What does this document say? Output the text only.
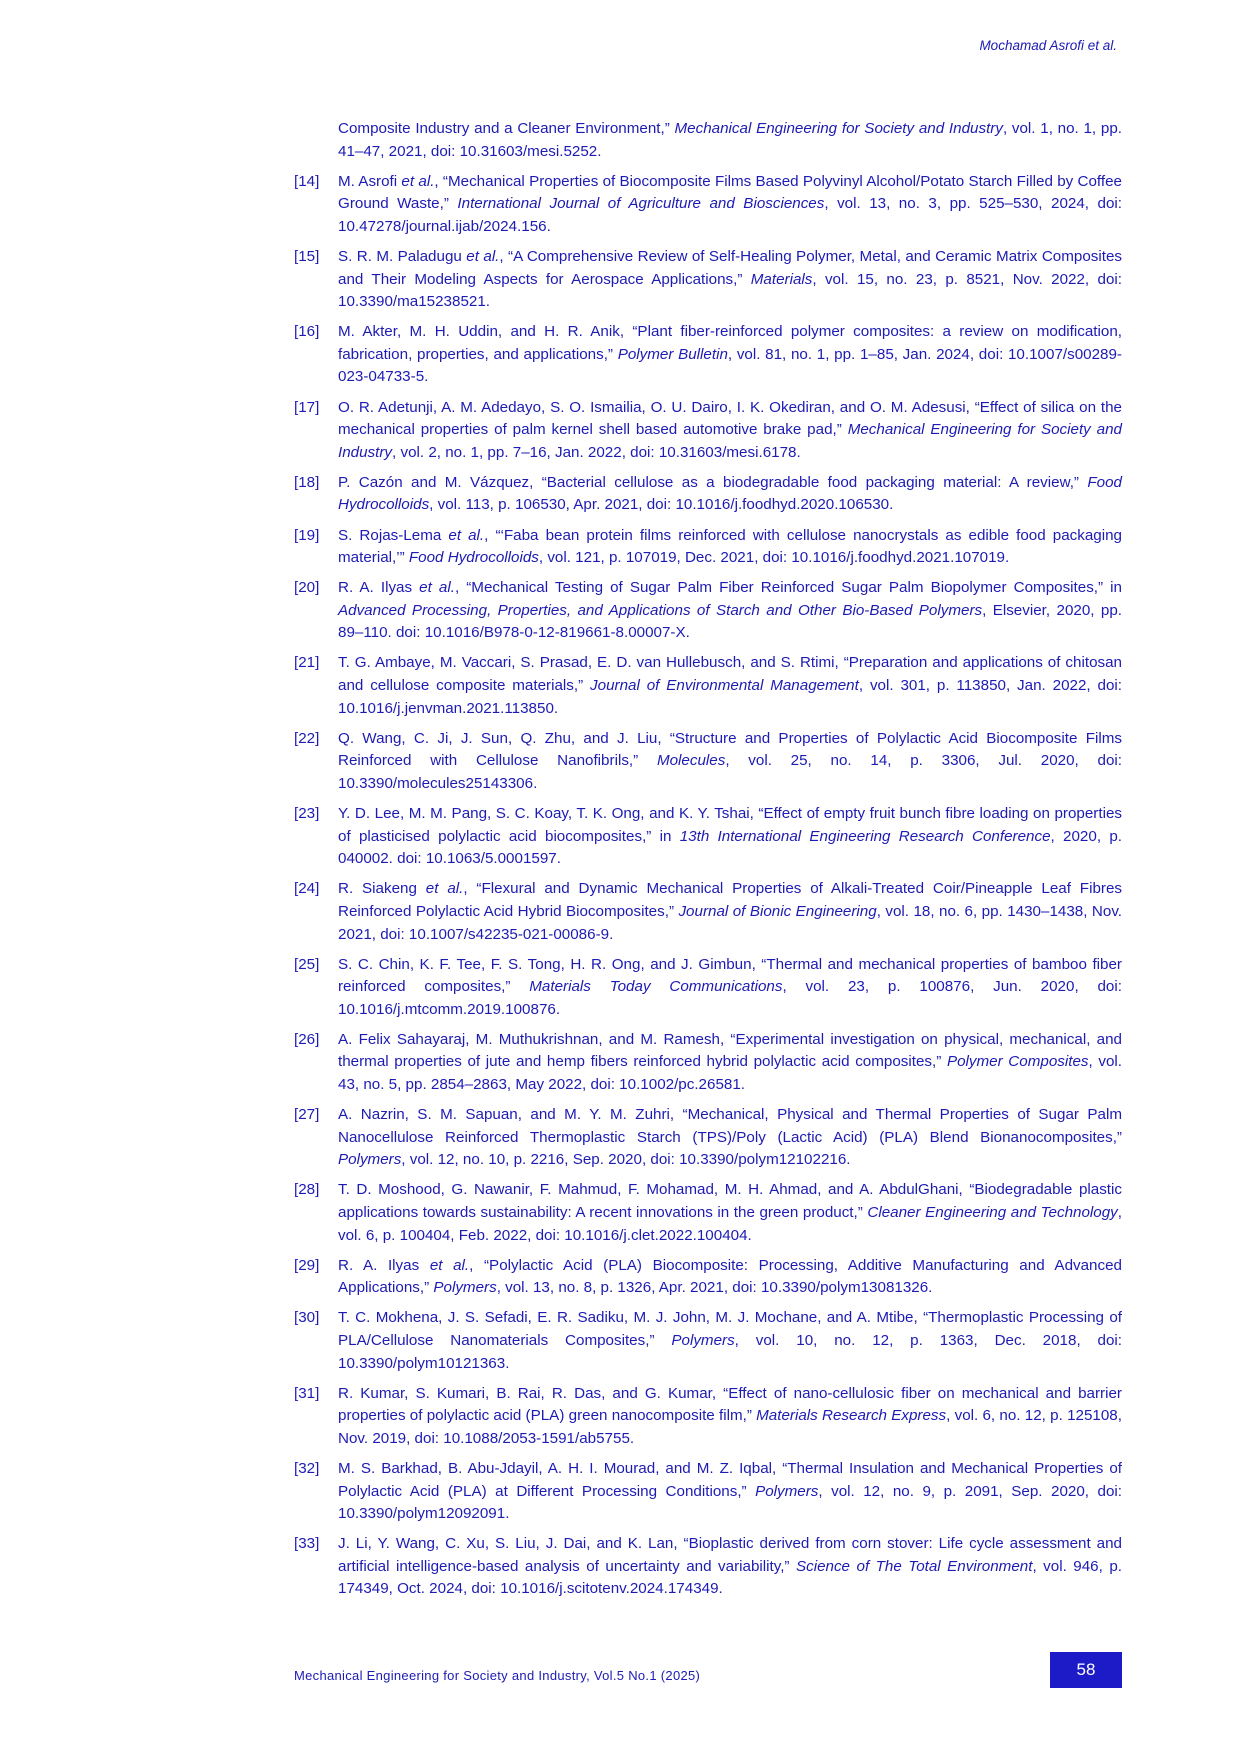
Mochamad Asrofi et al.
Composite Industry and a Cleaner Environment,” Mechanical Engineering for Society and Industry, vol. 1, no. 1, pp. 41–47, 2021, doi: 10.31603/mesi.5252.
[14] M. Asrofi et al., “Mechanical Properties of Biocomposite Films Based Polyvinyl Alcohol/Potato Starch Filled by Coffee Ground Waste,” International Journal of Agriculture and Biosciences, vol. 13, no. 3, pp. 525–530, 2024, doi: 10.47278/journal.ijab/2024.156.
[15] S. R. M. Paladugu et al., “A Comprehensive Review of Self-Healing Polymer, Metal, and Ceramic Matrix Composites and Their Modeling Aspects for Aerospace Applications,” Materials, vol. 15, no. 23, p. 8521, Nov. 2022, doi: 10.3390/ma15238521.
[16] M. Akter, M. H. Uddin, and H. R. Anik, “Plant fiber-reinforced polymer composites: a review on modification, fabrication, properties, and applications,” Polymer Bulletin, vol. 81, no. 1, pp. 1–85, Jan. 2024, doi: 10.1007/s00289-023-04733-5.
[17] O. R. Adetunji, A. M. Adedayo, S. O. Ismailia, O. U. Dairo, I. K. Okediran, and O. M. Adesusi, “Effect of silica on the mechanical properties of palm kernel shell based automotive brake pad,” Mechanical Engineering for Society and Industry, vol. 2, no. 1, pp. 7–16, Jan. 2022, doi: 10.31603/mesi.6178.
[18] P. Cazón and M. Vázquez, “Bacterial cellulose as a biodegradable food packaging material: A review,” Food Hydrocolloids, vol. 113, p. 106530, Apr. 2021, doi: 10.1016/j.foodhyd.2020.106530.
[19] S. Rojas-Lema et al., “‘Faba bean protein films reinforced with cellulose nanocrystals as edible food packaging material,’” Food Hydrocolloids, vol. 121, p. 107019, Dec. 2021, doi: 10.1016/j.foodhyd.2021.107019.
[20] R. A. Ilyas et al., “Mechanical Testing of Sugar Palm Fiber Reinforced Sugar Palm Biopolymer Composites,” in Advanced Processing, Properties, and Applications of Starch and Other Bio-Based Polymers, Elsevier, 2020, pp. 89–110. doi: 10.1016/B978-0-12-819661-8.00007-X.
[21] T. G. Ambaye, M. Vaccari, S. Prasad, E. D. van Hullebusch, and S. Rtimi, “Preparation and applications of chitosan and cellulose composite materials,” Journal of Environmental Management, vol. 301, p. 113850, Jan. 2022, doi: 10.1016/j.jenvman.2021.113850.
[22] Q. Wang, C. Ji, J. Sun, Q. Zhu, and J. Liu, “Structure and Properties of Polylactic Acid Biocomposite Films Reinforced with Cellulose Nanofibrils,” Molecules, vol. 25, no. 14, p. 3306, Jul. 2020, doi: 10.3390/molecules25143306.
[23] Y. D. Lee, M. M. Pang, S. C. Koay, T. K. Ong, and K. Y. Tshai, “Effect of empty fruit bunch fibre loading on properties of plasticised polylactic acid biocomposites,” in 13th International Engineering Research Conference, 2020, p. 040002. doi: 10.1063/5.0001597.
[24] R. Siakeng et al., “Flexural and Dynamic Mechanical Properties of Alkali-Treated Coir/Pineapple Leaf Fibres Reinforced Polylactic Acid Hybrid Biocomposites,” Journal of Bionic Engineering, vol. 18, no. 6, pp. 1430–1438, Nov. 2021, doi: 10.1007/s42235-021-00086-9.
[25] S. C. Chin, K. F. Tee, F. S. Tong, H. R. Ong, and J. Gimbun, “Thermal and mechanical properties of bamboo fiber reinforced composites,” Materials Today Communications, vol. 23, p. 100876, Jun. 2020, doi: 10.1016/j.mtcomm.2019.100876.
[26] A. Felix Sahayaraj, M. Muthukrishnan, and M. Ramesh, “Experimental investigation on physical, mechanical, and thermal properties of jute and hemp fibers reinforced hybrid polylactic acid composites,” Polymer Composites, vol. 43, no. 5, pp. 2854–2863, May 2022, doi: 10.1002/pc.26581.
[27] A. Nazrin, S. M. Sapuan, and M. Y. M. Zuhri, “Mechanical, Physical and Thermal Properties of Sugar Palm Nanocellulose Reinforced Thermoplastic Starch (TPS)/Poly (Lactic Acid) (PLA) Blend Bionanocomposites,” Polymers, vol. 12, no. 10, p. 2216, Sep. 2020, doi: 10.3390/polym12102216.
[28] T. D. Moshood, G. Nawanir, F. Mahmud, F. Mohamad, M. H. Ahmad, and A. AbdulGhani, “Biodegradable plastic applications towards sustainability: A recent innovations in the green product,” Cleaner Engineering and Technology, vol. 6, p. 100404, Feb. 2022, doi: 10.1016/j.clet.2022.100404.
[29] R. A. Ilyas et al., “Polylactic Acid (PLA) Biocomposite: Processing, Additive Manufacturing and Advanced Applications,” Polymers, vol. 13, no. 8, p. 1326, Apr. 2021, doi: 10.3390/polym13081326.
[30] T. C. Mokhena, J. S. Sefadi, E. R. Sadiku, M. J. John, M. J. Mochane, and A. Mtibe, “Thermoplastic Processing of PLA/Cellulose Nanomaterials Composites,” Polymers, vol. 10, no. 12, p. 1363, Dec. 2018, doi: 10.3390/polym10121363.
[31] R. Kumar, S. Kumari, B. Rai, R. Das, and G. Kumar, “Effect of nano-cellulosic fiber on mechanical and barrier properties of polylactic acid (PLA) green nanocomposite film,” Materials Research Express, vol. 6, no. 12, p. 125108, Nov. 2019, doi: 10.1088/2053-1591/ab5755.
[32] M. S. Barkhad, B. Abu-Jdayil, A. H. I. Mourad, and M. Z. Iqbal, “Thermal Insulation and Mechanical Properties of Polylactic Acid (PLA) at Different Processing Conditions,” Polymers, vol. 12, no. 9, p. 2091, Sep. 2020, doi: 10.3390/polym12092091.
[33] J. Li, Y. Wang, C. Xu, S. Liu, J. Dai, and K. Lan, “Bioplastic derived from corn stover: Life cycle assessment and artificial intelligence-based analysis of uncertainty and variability,” Science of The Total Environment, vol. 946, p. 174349, Oct. 2024, doi: 10.1016/j.scitotenv.2024.174349.
Mechanical Engineering for Society and Industry, Vol.5 No.1 (2025)	58
